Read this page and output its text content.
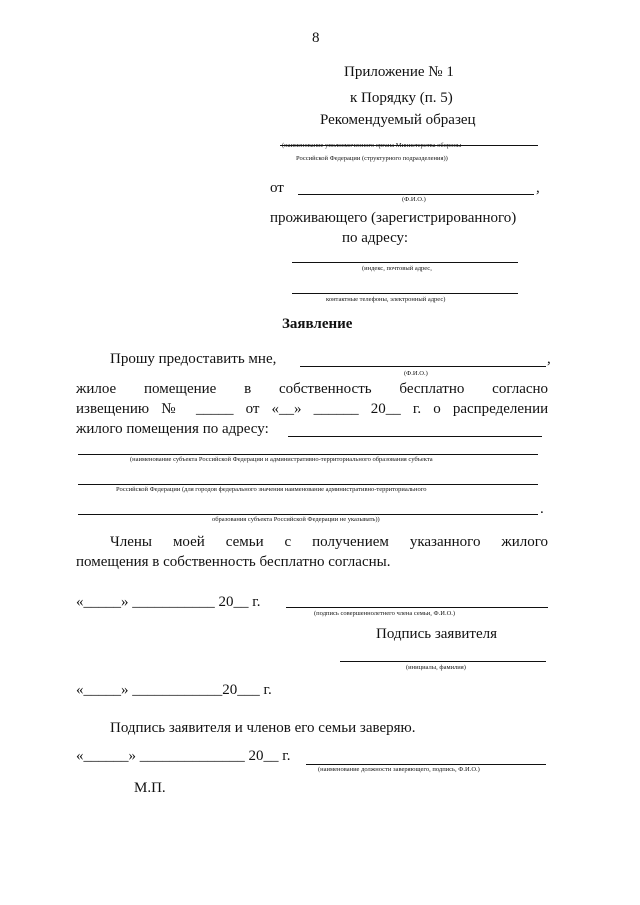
8
Приложение № 1
к Порядку (п. 5)
Рекомендуемый образец
(наименование уполномоченного органа Министерства обороны
Российской Федерации (структурного подразделения))
от	,
(Ф.И.О.)
проживающего (зарегистрированного)
по адресу:
(индекс, почтовый адрес,
контактные телефоны, электронный адрес)
Заявление
Прошу предоставить мне,	,
(Ф.И.О.)
жилое помещение в собственность бесплатно согласно
извещению № _____ от «__» ______ 20__ г. о распределении
жилого помещения по адресу:
(наименование субъекта Российской Федерации и административно-территориального образования субъекта
Российской Федерации (для городов федерального значения наименование административно-территориального
.
образования субъекта Российской Федерации не указывать))
Члены моей семьи с получением указанного жилого
помещения в собственность бесплатно согласны.
«_____» ___________ 20__ г.
(подпись совершеннолетнего члена семьи, Ф.И.О.)
Подпись заявителя
(инициалы, фамилия)
«_____» ____________20___ г.
Подпись заявителя и членов его семьи заверяю.
«______» ______________ 20__ г.
(наименование должности заверяющего, подпись, Ф.И.О.)
М.П.
